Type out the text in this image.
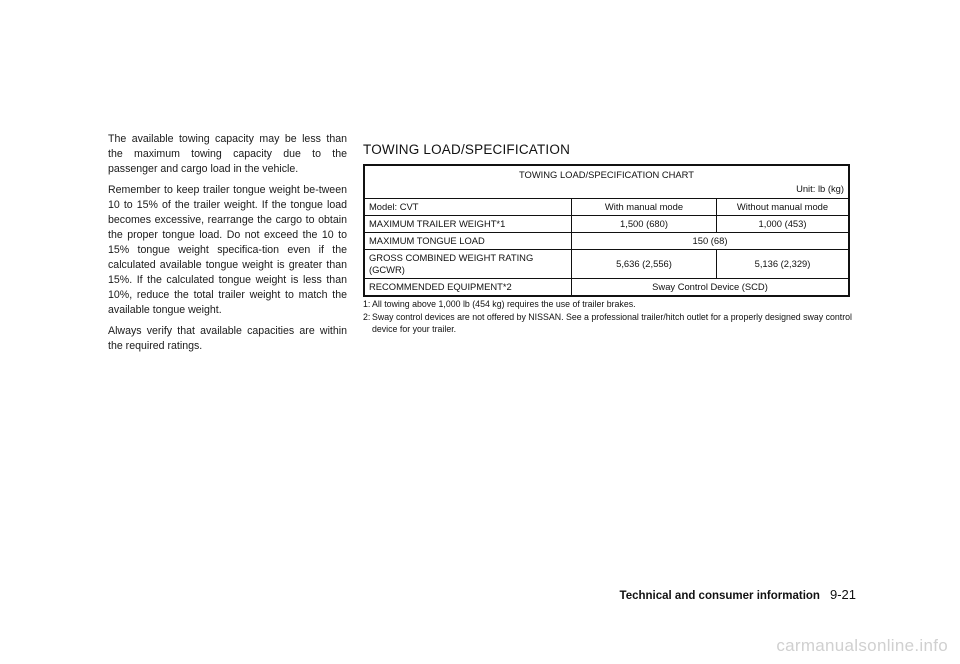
The available towing capacity may be less than the maximum towing capacity due to the passenger and cargo load in the vehicle.

Remember to keep trailer tongue weight be-tween 10 to 15% of the trailer weight. If the tongue load becomes excessive, rearrange the cargo to obtain the proper tongue load. Do not exceed the 10 to 15% tongue weight specifica-tion even if the calculated available tongue weight is greater than 15%. If the calculated tongue weight is less than 10%, reduce the total trailer weight to match the available tongue weight.

Always verify that available capacities are within the required ratings.

TOWING LOAD/SPECIFICATION
TOWING LOAD/SPECIFICATION CHART
Unit: lb (kg)		

Model: CVT	With manual mode	Without manual mode
MAXIMUM TRAILER WEIGHT*1	1,500 (680)	1,000 (453)
MAXIMUM TONGUE LOAD	150 (68)	
GROSS COMBINED WEIGHT RATING (GCWR)	5,636 (2,556)	5,136 (2,329)
RECOMMENDED EQUIPMENT*2	Sway Control Device (SCD)	
1: All towing above 1,000 lb (454 kg) requires the use of trailer brakes.
2: Sway control devices are not offered by NISSAN. See a professional trailer/hitch outlet for a properly designed sway control device for your trailer.
Technical and consumer information 9-21
carmanualsonline.info
